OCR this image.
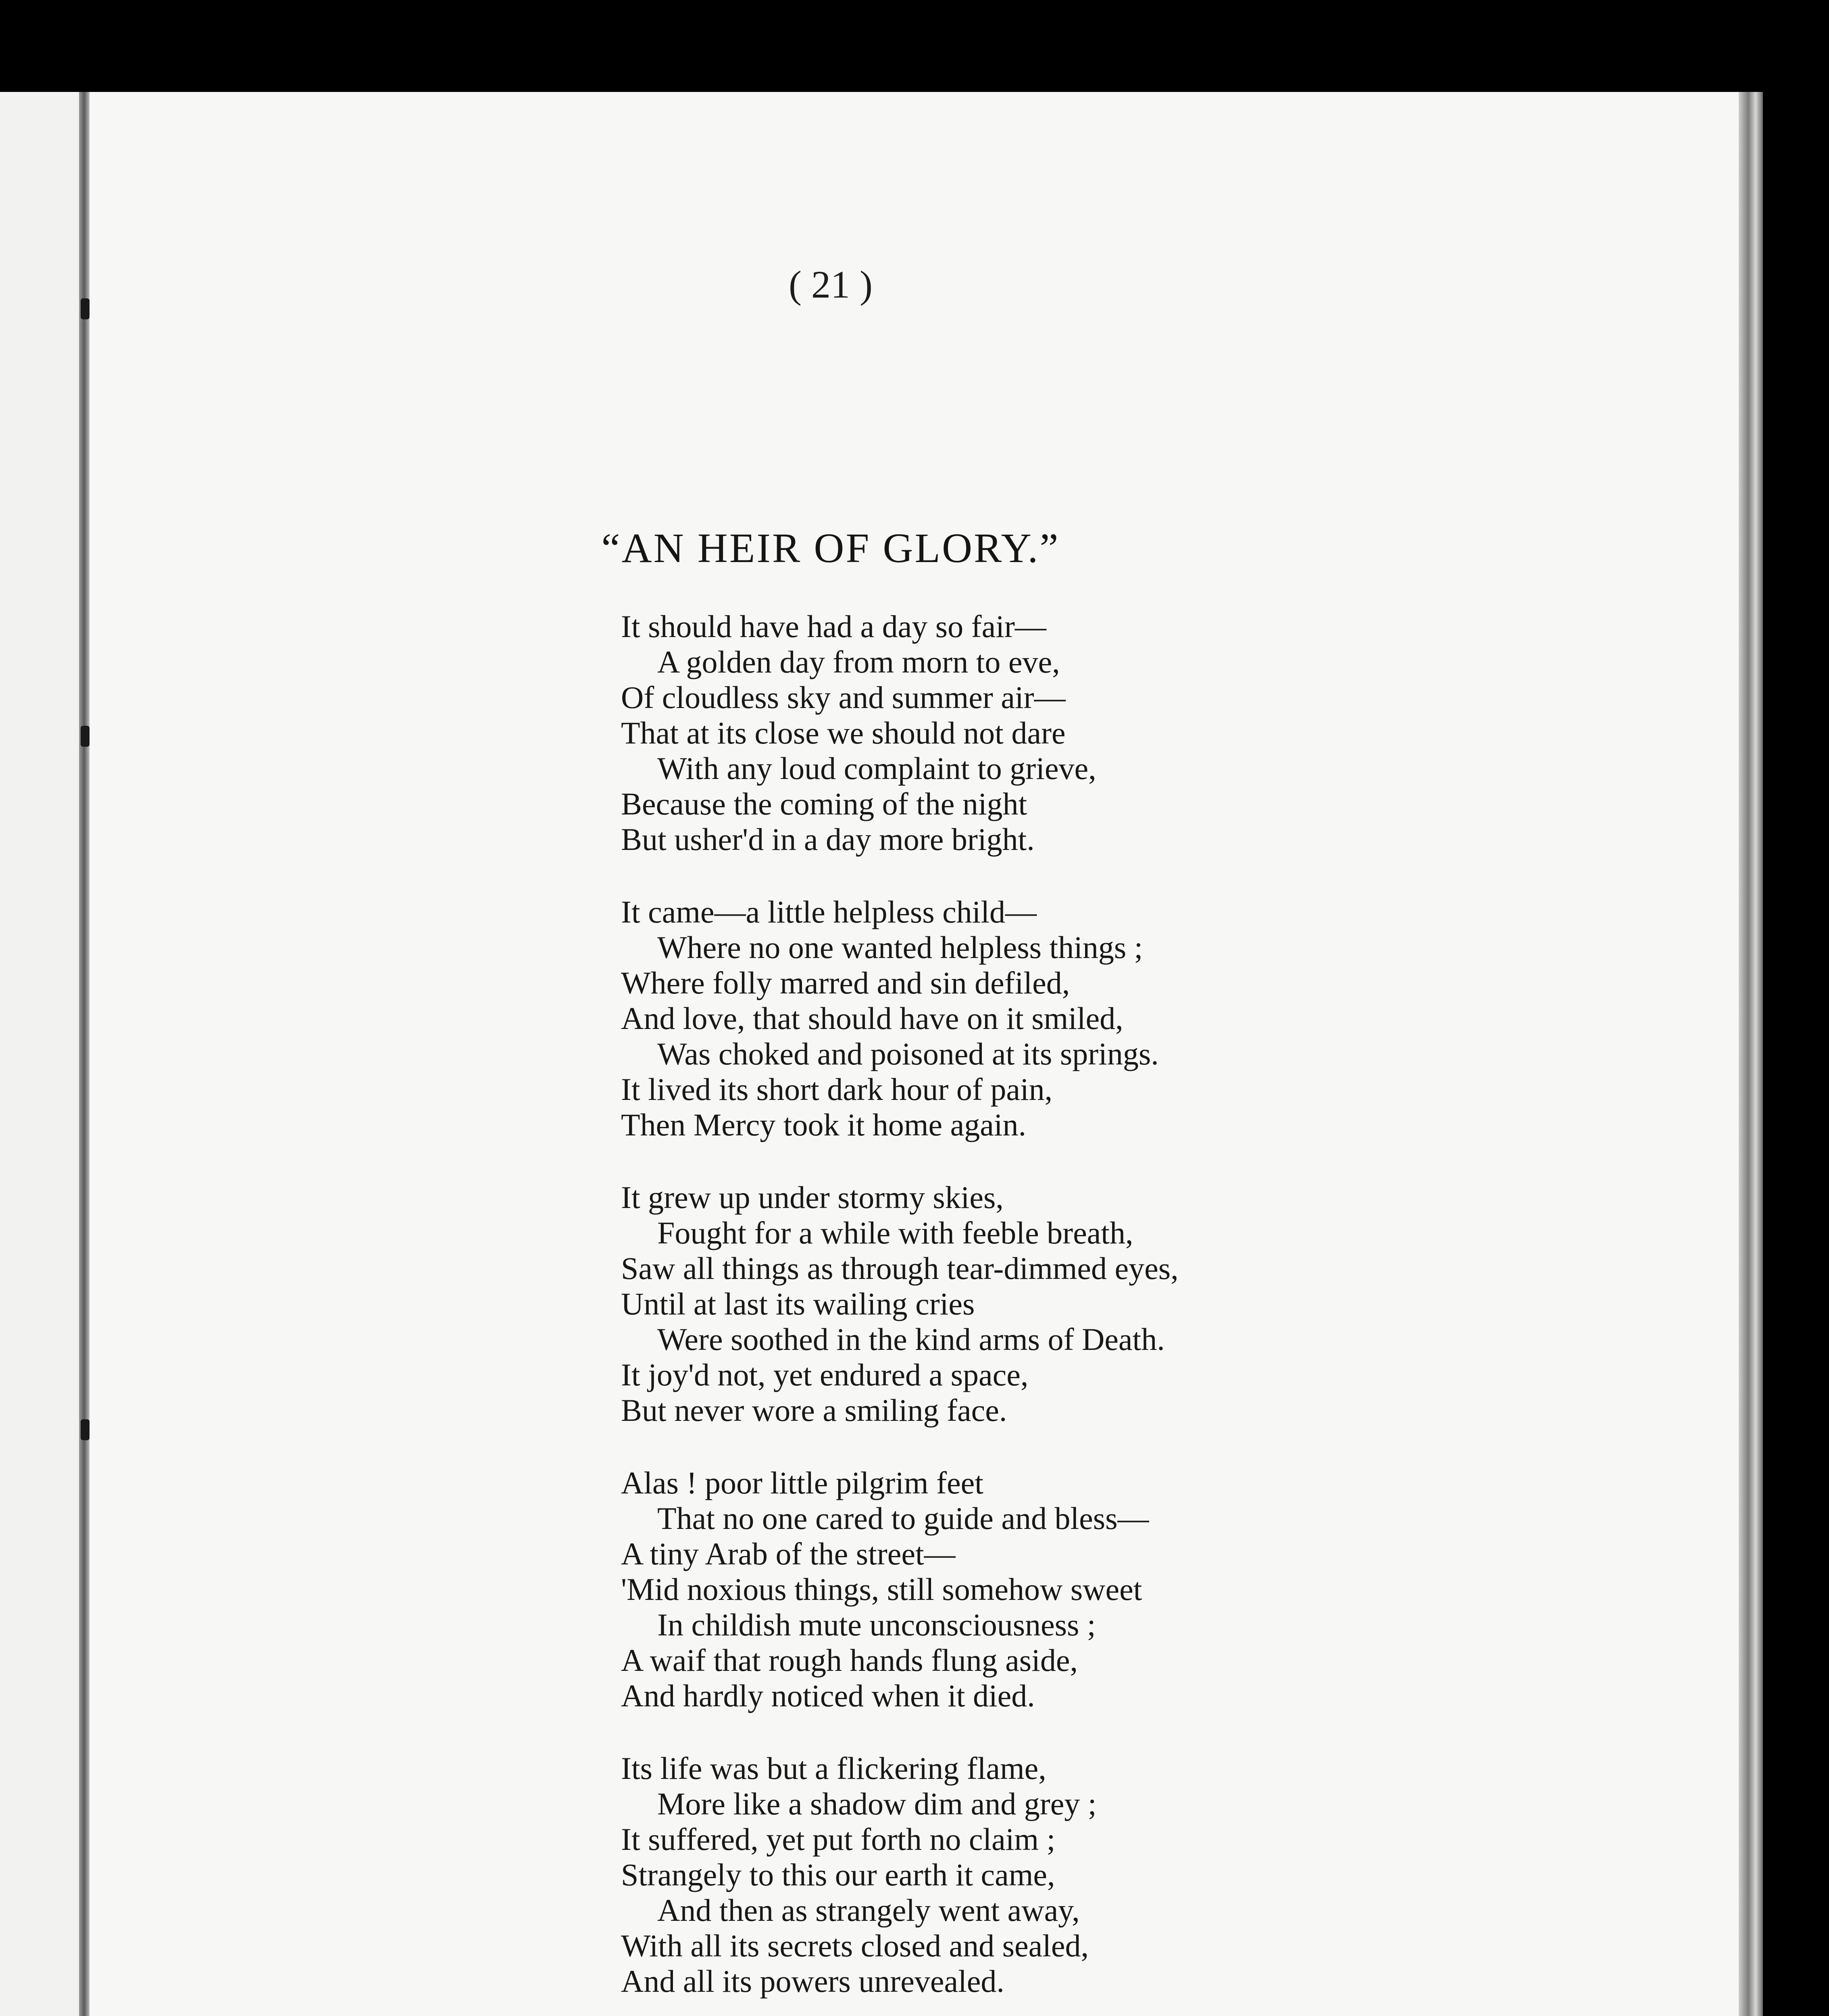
( 21 )
“AN HEIR OF GLORY.”
It should have had a day so fair—
A golden day from morn to eve,
Of cloudless sky and summer air—
That at its close we should not dare
With any loud complaint to grieve,
Because the coming of the night
But usher'd in a day more bright.
It came—a little helpless child—
Where no one wanted helpless things ;
Where folly marred and sin defiled,
And love, that should have on it smiled,
Was choked and poisoned at its springs.
It lived its short dark hour of pain,
Then Mercy took it home again.
It grew up under stormy skies,
Fought for a while with feeble breath,
Saw all things as through tear-dimmed eyes,
Until at last its wailing cries
Were soothed in the kind arms of Death.
It joy'd not, yet endured a space,
But never wore a smiling face.
Alas ! poor little pilgrim feet
That no one cared to guide and bless—
A tiny Arab of the street—
'Mid noxious things, still somehow sweet
In childish mute unconsciousness ;
A waif that rough hands flung aside,
And hardly noticed when it died.
Its life was but a flickering flame,
More like a shadow dim and grey ;
It suffered, yet put forth no claim ;
Strangely to this our earth it came,
And then as strangely went away,
With all its secrets closed and sealed,
And all its powers unrevealed.
